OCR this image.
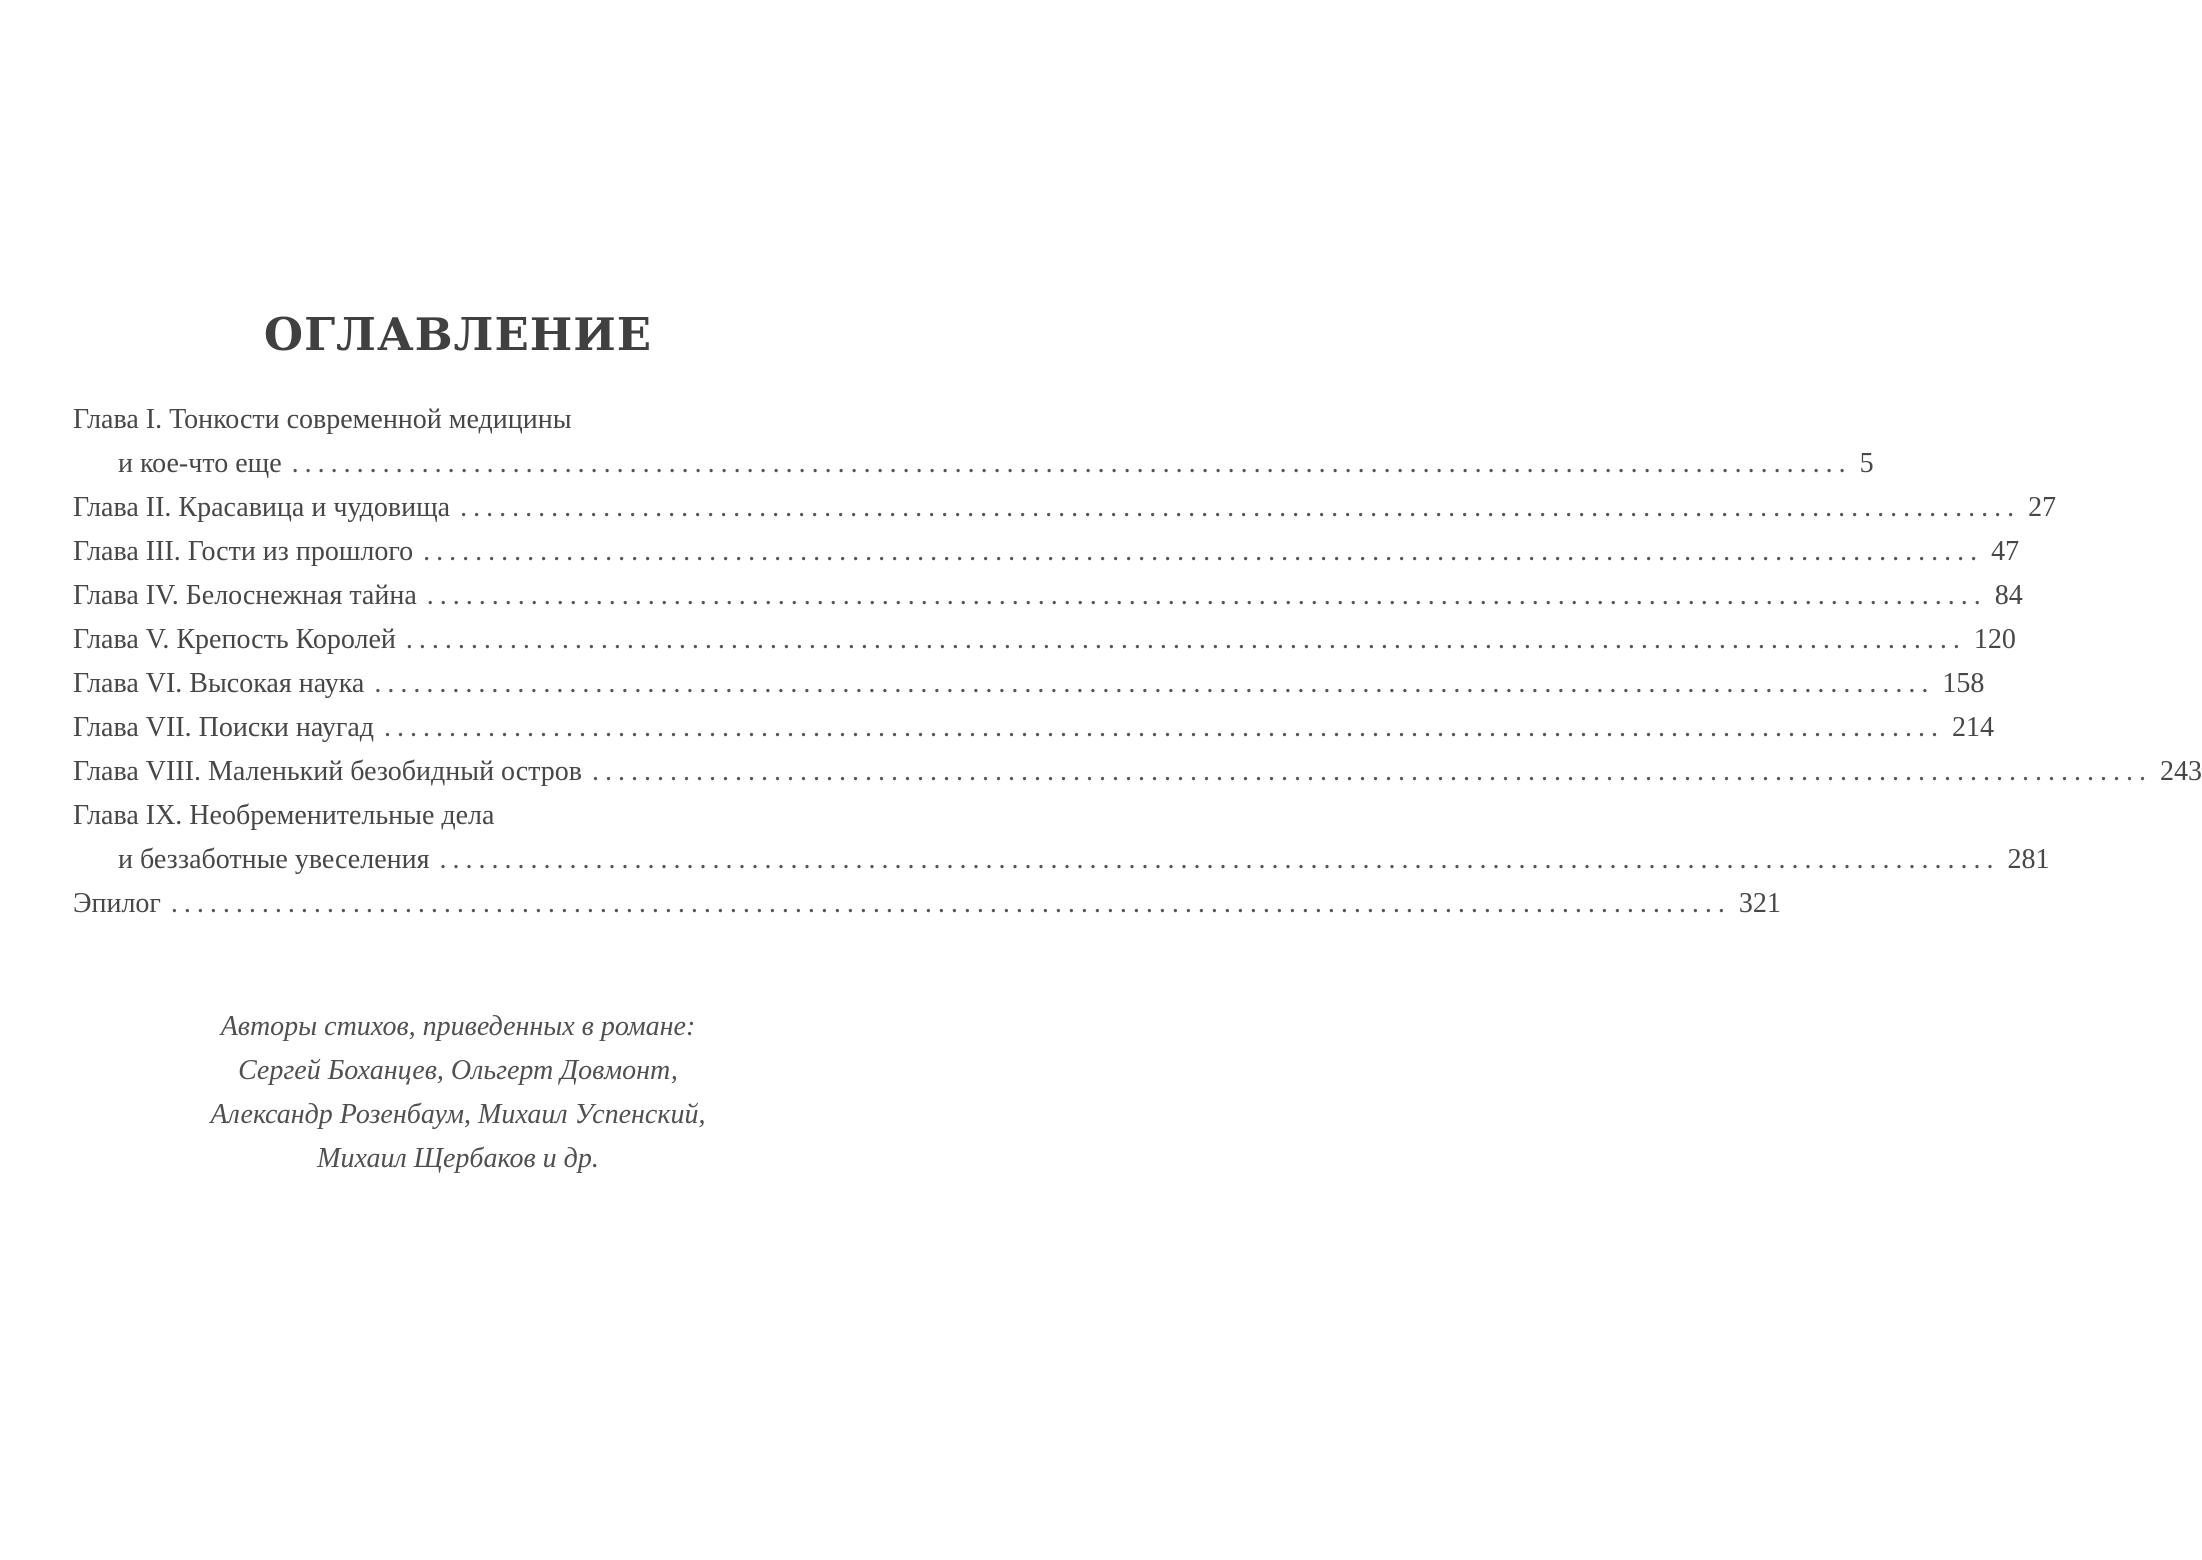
ОГЛАВЛЕНИЕ
Глава I. Тонкости современной медицины
и кое-что еще ........................................................................................................................ 5
Глава II. Красавица и чудовища ........................................................................................................................ 27
Глава III. Гости из прошлого ........................................................................................................................ 47
Глава IV. Белоснежная тайна ........................................................................................................................ 84
Глава V. Крепость Королей ........................................................................................................................ 120
Глава VI. Высокая наука ........................................................................................................................ 158
Глава VII. Поиски наугад ........................................................................................................................ 214
Глава VIII. Маленький безобидный остров ........................................................................................................................ 243
Глава IX. Необременительные дела
и беззаботные увеселения ........................................................................................................................ 281
Эпилог ........................................................................................................................ 321
Авторы стихов, приведенных в романе:
Сергей Боханцев, Ольгерт Довмонт,
Александр Розенбаум, Михаил Успенский,
Михаил Щербаков и др.
